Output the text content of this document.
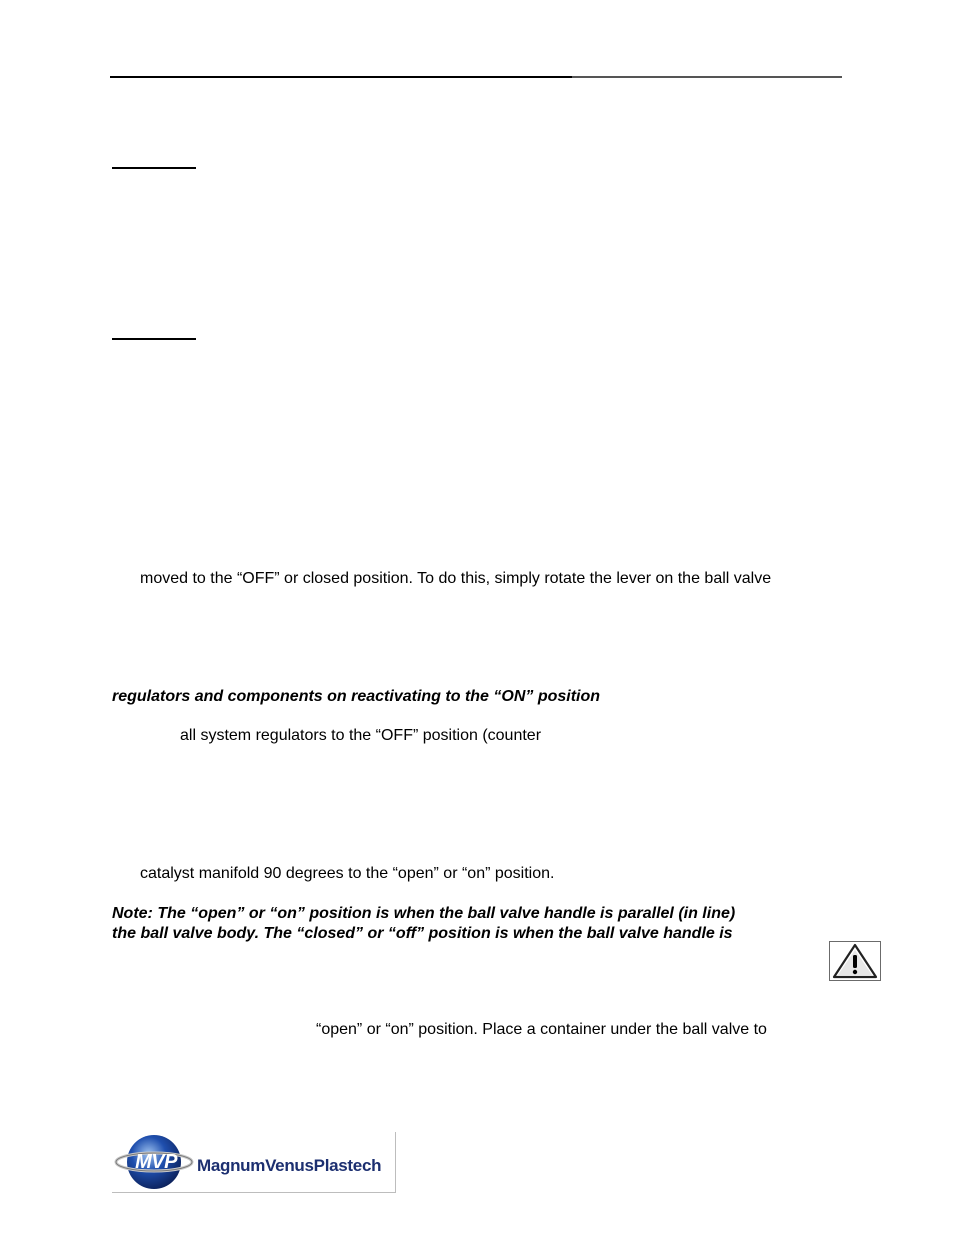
moved to the “OFF” or closed position. To do this, simply rotate the lever on the ball valve
regulators and components on reactivating to the “ON” position
all system regulators to the “OFF” position (counter
catalyst manifold 90 degrees to the “open” or “on” position.
Note: The “open” or “on” position is when the ball valve handle is parallel (in line)
the ball valve body. The “closed” or “off” position is when the ball valve handle is
“open” or “on” position. Place a container under the ball valve to
MVP	MagnumVenusPlastech
